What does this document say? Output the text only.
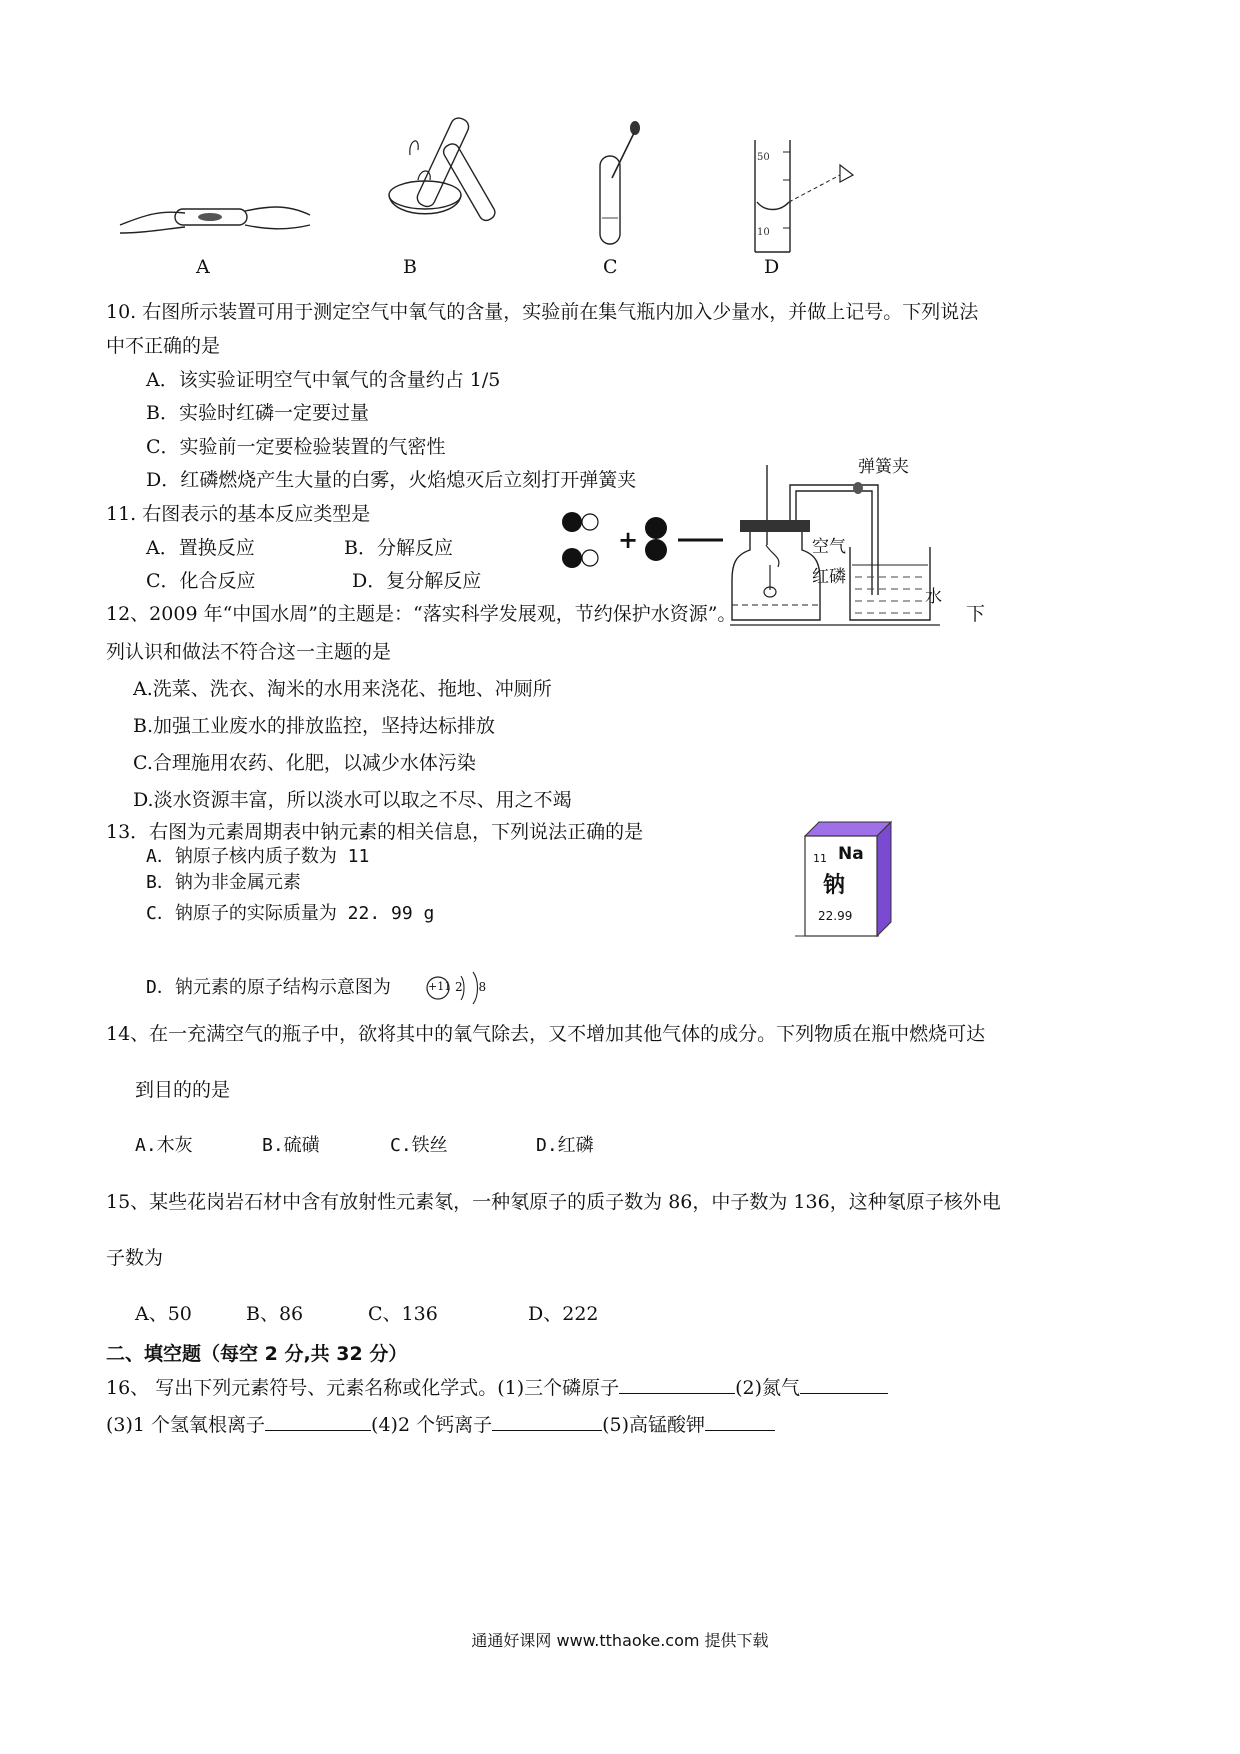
50
10
A	B	C	D
10. 右图所示装置可用于测定空气中氧气的含量，实验前在集气瓶内加入少量水，并做上记号。下列说法
中不正确的是
A．该实验证明空气中氧气的含量约占 1/5
B．实验时红磷一定要过量
C．实验前一定要检验装置的气密性
D．红磷燃烧产生大量的白雾，火焰熄灭后立刻打开弹簧夹
弹簧夹
空气
红磷
水
11. 右图表示的基本反应类型是
A．置换反应	B．分解反应
C．化合反应	D．复分解反应
+
12、2009 年“中国水周”的主题是：“落实科学发展观，节约保护水资源”。	下
列认识和做法不符合这一主题的是
A.洗菜、洗衣、淘米的水用来浇花、拖地、冲厕所
B.加强工业废水的排放监控，坚持达标排放
C.合理施用农药、化肥，以减少水体污染
D.淡水资源丰富，所以淡水可以取之不尽、用之不竭
13．右图为元素周期表中钠元素的相关信息，下列说法正确的是
A．钠原子核内质子数为 11
B．钠为非金属元素
C．钠原子的实际质量为 22. 99 g
D．钠元素的原子结构示意图为	+11 2 8
11 Na
钠
22.99
14、在一充满空气的瓶子中，欲将其中的氧气除去，又不增加其他气体的成分。下列物质在瓶中燃烧可达
到目的的是
A.木灰	B.硫磺	C.铁丝	D.红磷
15、某些花岗岩石材中含有放射性元素氡，一种氡原子的质子数为 86，中子数为 136，这种氡原子核外电
子数为
A、50	B、86	C、136	D、222
二、填空题（每空 2 分,共 32 分）
16、 写出下列元素符号、元素名称或化学式。(1)三个磷原子	(2)氮气
(3)1 个氢氧根离子	(4)2 个钙离子	(5)高锰酸钾
通通好课网 www.tthaoke.com 提供下载
